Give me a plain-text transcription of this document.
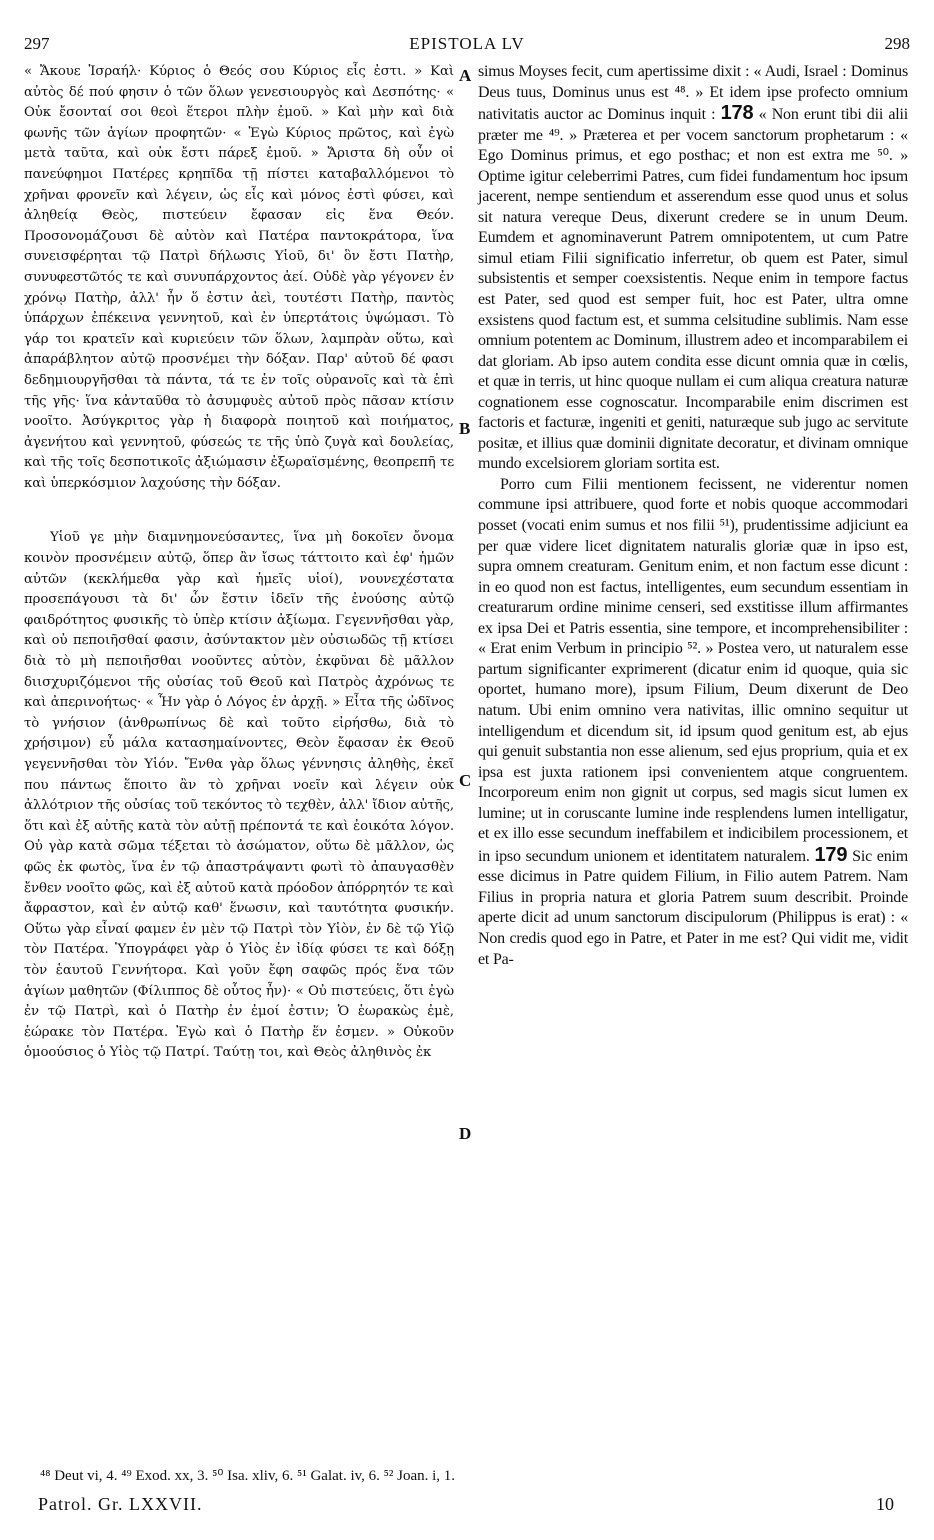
297	EPISTOLA LV	298

« Ἄκουε Ἰσραήλ· Κύριος ὁ Θεός σου Κύριος εἷς ἐστι. » Καὶ αὐτὸς δέ πού φησιν ὁ τῶν ὅλων γενεσιουργὸς καὶ Δεσπότης· « Οὐκ ἔσονταί σοι θεοὶ ἕτεροι πλὴν ἐμοῦ. » Καὶ μὴν καὶ διὰ φωνῆς τῶν ἁγίων προφητῶν· « Ἐγὼ Κύριος πρῶτος, καὶ ἐγὼ μετὰ ταῦτα, καὶ οὐκ ἔστι πάρεξ ἐμοῦ. » Ἄριστα δὴ οὖν οἱ πανεύφημοι Πατέρες κρηπῖδα τῇ πίστει καταβαλλόμενοι τὸ χρῆναι φρονεῖν καὶ λέγειν, ὡς εἷς καὶ μόνος ἐστὶ φύσει, καὶ ἀληθείᾳ Θεὸς, πιστεύειν ἔφασαν εἰς ἕνα Θεόν. Προσονομάζουσι δὲ αὐτὸν καὶ Πατέρα παντοκράτορα, ἵνα συνεισφέρηται τῷ Πατρὶ δήλωσις Υἱοῦ, δι' ὃν ἔστι Πατὴρ, συνυφεστῶτός τε καὶ συνυπάρχοντος ἀεί. Οὐδὲ γὰρ γέγονεν ἐν χρόνῳ Πατὴρ, ἀλλ' ἦν ὅ ἐστιν ἀεὶ, τουτέστι Πατὴρ, παντὸς ὑπάρχων ἐπέκεινα γεννητοῦ, καὶ ἐν ὑπερτάτοις ὑψώμασι. Τὸ γάρ τοι κρατεῖν καὶ κυριεύειν τῶν ὅλων, λαμπρὰν οὕτω, καὶ ἀπαράβλητον αὐτῷ προσνέμει τὴν δόξαν. Παρ' αὐτοῦ δέ φασι δεδημιουργῆσθαι τὰ πάντα, τά τε ἐν τοῖς οὐρανοῖς καὶ τὰ ἐπὶ τῆς γῆς· ἵνα κἀνταῦθα τὸ ἀσυμφυὲς αὐτοῦ πρὸς πᾶσαν κτίσιν νοοῖτο. Ἀσύγκριτος γὰρ ἡ διαφορὰ ποιητοῦ καὶ ποιήματος, ἀγενήτου καὶ γεννητοῦ, φύσεώς τε τῆς ὑπὸ ζυγὰ καὶ δουλείας, καὶ τῆς τοῖς δεσποτικοῖς ἀξιώμασιν ἐξωραϊσμένης, θεοπρεπῆ τε καὶ ὑπερκόσμιον λαχούσης τὴν δόξαν.

Υἱοῦ γε μὴν διαμνημονεύσαντες, ἵνα μὴ δοκοῖεν ὄνομα κοινὸν προσνέμειν αὐτῷ, ὅπερ ἂν ἴσως τάττοιτο καὶ ἐφ' ἡμῶν αὐτῶν (κεκλήμεθα γὰρ καὶ ἡμεῖς υἱοί), νουνεχέστατα προσεπάγουσι τὰ δι' ὧν ἔστιν ἰδεῖν τῆς ἐνούσης αὐτῷ φαιδρότητος φυσικῆς τὸ ὑπὲρ κτίσιν ἀξίωμα. Γεγεννῆσθαι γὰρ, καὶ οὐ πεποιῆσθαί φασιν, ἀσύντακτον μὲν οὐσιωδῶς τῇ κτίσει διὰ τὸ μὴ πεποιῆσθαι νοοῦντες αὐτὸν, ἐκφῦναι δὲ μᾶλλον διισχυριζόμενοι τῆς οὐσίας τοῦ Θεοῦ καὶ Πατρὸς ἀχρόνως τε καὶ ἀπερινοήτως· « Ἦν γὰρ ὁ Λόγος ἐν ἀρχῇ. » Εἶτα τῆς ὠδῖνος τὸ γνήσιον (ἀνθρωπίνως δὲ καὶ τοῦτο εἰρήσθω, διὰ τὸ χρήσιμον) εὖ μάλα κατασημαίνοντες, Θεὸν ἔφασαν ἐκ Θεοῦ γεγεννῆσθαι τὸν Υἱόν. Ἔνθα γὰρ ὅλως γέννησις ἀληθὴς, ἐκεῖ που πάντως ἕποιτο ἂν τὸ χρῆναι νοεῖν καὶ λέγειν οὐκ ἀλλότριον τῆς οὐσίας τοῦ τεκόντος τὸ τεχθὲν, ἀλλ' ἴδιον αὐτῆς, ὅτι καὶ ἐξ αὐτῆς κατὰ τὸν αὐτῇ πρέποντά τε καὶ ἐοικότα λόγον. Οὐ γὰρ κατὰ σῶμα τέξεται τὸ ἀσώματον, οὕτω δὲ μᾶλλον, ὡς φῶς ἐκ φωτὸς, ἵνα ἐν τῷ ἀπαστράψαντι φωτὶ τὸ ἀπαυγασθὲν ἔνθεν νοοῖτο φῶς, καὶ ἐξ αὐτοῦ κατὰ πρόοδον ἀπόρρητόν τε καὶ ἄφραστον, καὶ ἐν αὐτῷ καθ' ἕνωσιν, καὶ ταυτότητα φυσικήν. Οὕτω γὰρ εἶναί φαμεν ἐν μὲν τῷ Πατρὶ τὸν Υἱὸν, ἐν δὲ τῷ Υἱῷ τὸν Πατέρα. Ὑπογράφει γὰρ ὁ Υἱὸς ἐν ἰδίᾳ φύσει τε καὶ δόξῃ τὸν ἑαυτοῦ Γεννήτορα. Καὶ γοῦν ἔφη σαφῶς πρός ἕνα τῶν ἁγίων μαθητῶν (Φίλιππος δὲ οὗτος ἦν)· « Οὐ πιστεύεις, ὅτι ἐγὼ ἐν τῷ Πατρὶ, καὶ ὁ Πατὴρ ἐν ἐμοί ἐστιν; Ὁ ἑωρακὼς ἐμὲ, ἑώρακε τὸν Πατέρα. Ἐγὼ καὶ ὁ Πατὴρ ἕν ἐσμεν. » Οὐκοῦν ὁμοούσιος ὁ Υἱὸς τῷ Πατρί. Ταύτῃ τοι, καὶ Θεὸς ἀληθινὸς ἐκ

A
B
C
D

simus Moyses fecit, cum apertissime dixit : « Audi, Israel : Dominus Deus tuus, Dominus unus est ⁴⁸. » Et idem ipse profecto omnium nativitatis auctor ac Dominus inquit : 178 « Non erunt tibi dii alii præter me ⁴⁹. » Præterea et per vocem sanctorum prophetarum : « Ego Dominus primus, et ego posthac; et non est extra me ⁵⁰. » Optime igitur celeberrimi Patres, cum fidei fundamentum hoc ipsum jacerent, nempe sentiendum et asserendum esse quod unus et solus sit natura vereque Deus, dixerunt credere se in unum Deum. Eumdem et agnominaverunt Patrem omnipotentem, ut cum Patre simul etiam Filii significatio inferretur, ob quem est Pater, simul subsistentis et semper coexsistentis. Neque enim in tempore factus est Pater, sed quod est semper fuit, hoc est Pater, ultra omne exsistens quod factum est, et summa celsitudine sublimis. Nam esse omnium potentem ac Dominum, illustrem adeo et incomparabilem ei dat gloriam. Ab ipso autem condita esse dicunt omnia quæ in cœlis, et quæ in terris, ut hinc quoque nullam ei cum aliqua creatura naturæ cognationem esse cognoscatur. Incomparabile enim discrimen est factoris et facturæ, ingeniti et geniti, naturæque sub jugo ac servitute positæ, et illius quæ dominii dignitate decoratur, et divinam omnique mundo excelsiorem gloriam sortita est.

Porro cum Filii mentionem fecissent, ne viderentur nomen commune ipsi attribuere, quod forte et nobis quoque accommodari posset (vocati enim sumus et nos filii ⁵¹), prudentissime adjiciunt ea per quæ videre licet dignitatem naturalis gloriæ quæ in ipso est, supra omnem creaturam. Genitum enim, et non factum esse dicunt : in eo quod non est factus, intelligentes, eum secundum essentiam in creaturarum ordine minime censeri, sed exstitisse illum affirmantes ex ipsa Dei et Patris essentia, sine tempore, et incomprehensibiliter : « Erat enim Verbum in principio ⁵². » Postea vero, ut naturalem esse partum significanter exprimerent (dicatur enim id quoque, quia sic oportet, humano more), ipsum Filium, Deum dixerunt de Deo natum. Ubi enim omnino vera nativitas, illic omnino sequitur ut intelligendum et dicendum sit, id ipsum quod genitum est, ab ejus qui genuit substantia non esse alienum, sed ejus proprium, quia et ex ipsa est juxta rationem ipsi convenientem atque congruentem. Incorporeum enim non gignit ut corpus, sed magis sicut lumen ex lumine; ut in coruscante lumine inde resplendens lumen intelligatur, et ex illo esse secundum ineffabilem et indicibilem processionem, et in ipso secundum unionem et identitatem naturalem. 179 Sic enim esse dicimus in Patre quidem Filium, in Filio autem Patrem. Nam Filius in propria natura et gloria Patrem suum describit. Proinde aperte dicit ad unum sanctorum discipulorum (Philippus is erat) : « Non credis quod ego in Patre, et Pater in me est? Qui vidit me, vidit et Pa-

⁴⁸ Deut vi, 4. ⁴⁹ Exod. xx, 3. ⁵⁰ Isa. xliv, 6. ⁵¹ Galat. iv, 6. ⁵² Joan. i, 1.
Patrol. Gr. LXXVII.	10
